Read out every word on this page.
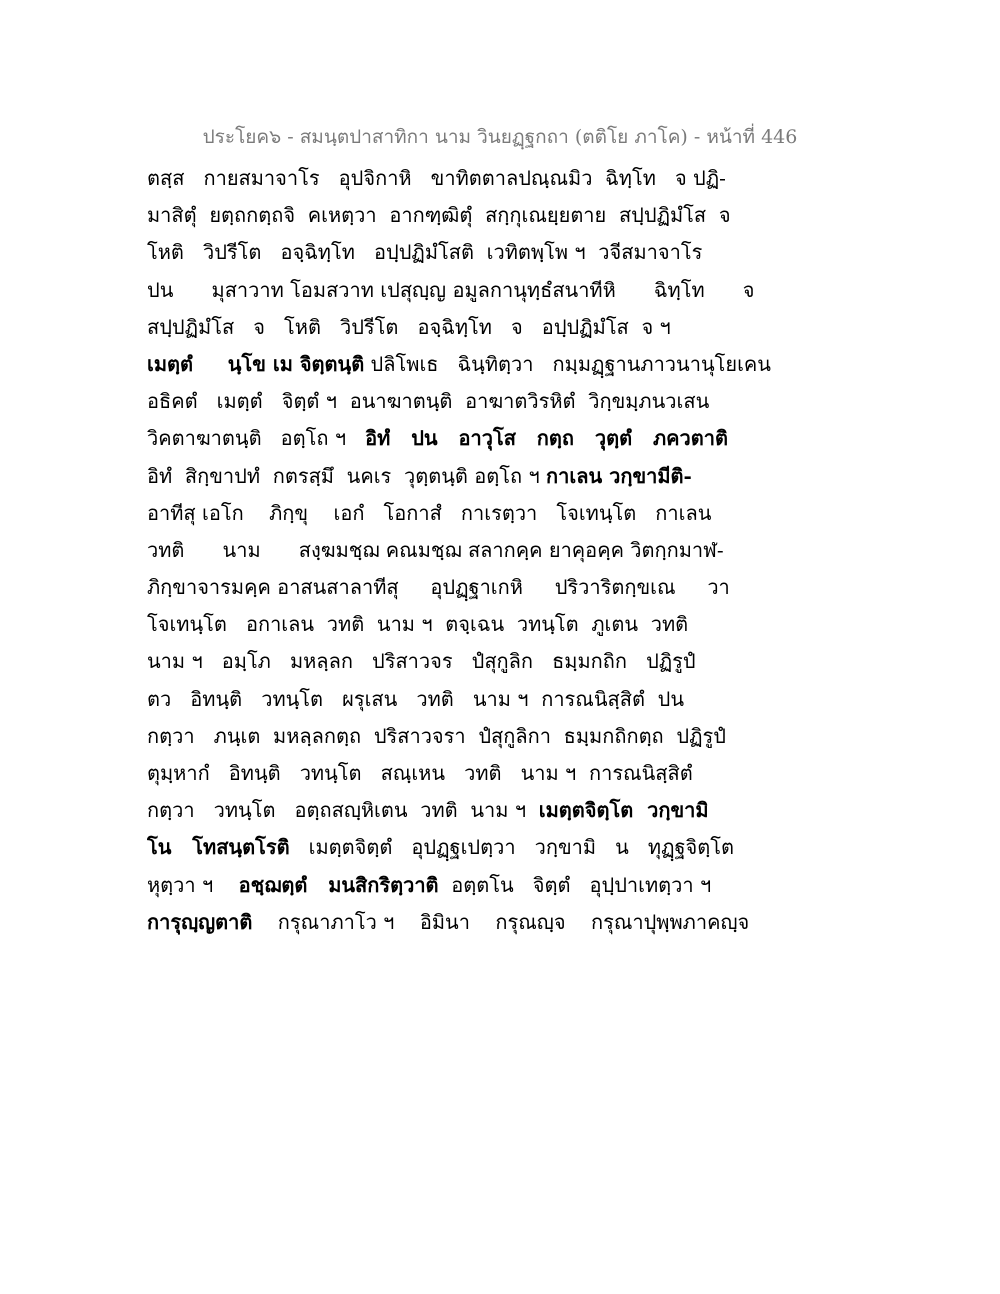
ประโยค๖ - สมนฺตปาสาทิกา นาม วินยฏฺฐกถา (ตติโย ภาโค) - หน้าที่ 446
ตสฺส   กายสมาจาโร   อุปจิกาหิ   ขาทิตตาลปณฺณมิว  ฉิทฺโท   จ ปฏิ-
มาสิตุํ  ยตฺถกตฺถจิ  คเหตฺวา  อากฑฺฒิตุํ  สกฺกุเณยฺยตาย  สปฺปฏิมํโส  จ
โหติ   วิปรีโต   อจฺฉิทฺโท   อปฺปฏิมํโสติ  เวทิตพฺโพ ฯ  วจีสมาจาโร
ปน      มุสาวาท โอมสวาท เปสุญฺญ อมูลกานุทฺธํสนาทีหิ      ฉิทฺโท      จ
สปฺปฏิมํโส   จ   โหติ   วิปรีโต   อจฺฉิทฺโท   จ   อปฺปฏิมํโส  จ ฯ
เมตฺตํ     นฺโข เม จิตฺตนฺติ ปลิโพเธ   ฉินฺทิตฺวา   กมฺมฏฺฐานภาวนานุโยเคน
อธิคตํ   เมตฺตํ   จิตฺตํ ฯ  อนาฆาตนฺติ  อาฆาตวิรหิตํ  วิกฺขมฺภนวเสน
วิคตาฆาตนฺติ   อตฺโถ ฯ   อิทํ   ปน   อาวุโส   กตฺถ   วุตฺตํ   ภควตาติ
อิทํ  สิกฺขาปทํ  กตรสฺมึ  นคเร  วุตฺตนฺติ อตฺโถ ฯ กาเลน วกฺขามีติ-
อาทีสุ เอโก    ภิกฺขุ    เอกํ   โอกาสํ   กาเรตฺวา   โจเทนฺโต   กาเลน
วทติ      นาม      สงฺฆมชฺฌ คณมชฺฌ สลากคฺค ยาคุอคฺค วิตกฺกมาฬ-
ภิกฺขาจารมคฺค อาสนสาลาทีสุ     อุปฏฺฐาเกหิ     ปริวาริตกฺขเณ     วา
โจเทนฺโต   อกาเลน  วทติ  นาม ฯ  ตจฺเฉน  วทนฺโต  ภูเตน  วทติ
นาม ฯ   อมฺโภ   มหลฺลก   ปริสาวจร   ปํสุกูลิก   ธมฺมกถิก   ปฏิรูปํ
ตว   อิทนฺติ   วทนฺโต   ผรุเสน   วทติ   นาม ฯ  การณนิสฺสิตํ  ปน
กตฺวา   ภนฺเต  มหลฺลกตฺถ  ปริสาวจรา  ปํสุกูลิกา  ธมฺมกถิกตฺถ  ปฏิรูปํ
ตุมฺหากํ   อิทนฺติ   วทนฺโต   สณฺเหน   วทติ   นาม ฯ  การณนิสฺสิตํ
กตฺวา   วทนฺโต   อตฺถสญฺหิเตน  วทติ  นาม ฯ  เมตฺตจิตฺโต  วกฺขามิ
โน   โทสนฺตโรติ   เมตฺตจิตฺตํ   อุปฏฺฐเปตฺวา   วกฺขามิ   น   ทุฏฺฐจิตฺโต
หุตฺวา ฯ    อชฺฌตฺตํ   มนสิกริตฺวาติ  อตฺตโน   จิตฺตํ   อุปฺปาเทตฺวา ฯ
การุญฺญตาติ    กรุณาภาโว ฯ    อิมินา    กรุณญฺจ    กรุณาปุพฺพภาคญฺจ
